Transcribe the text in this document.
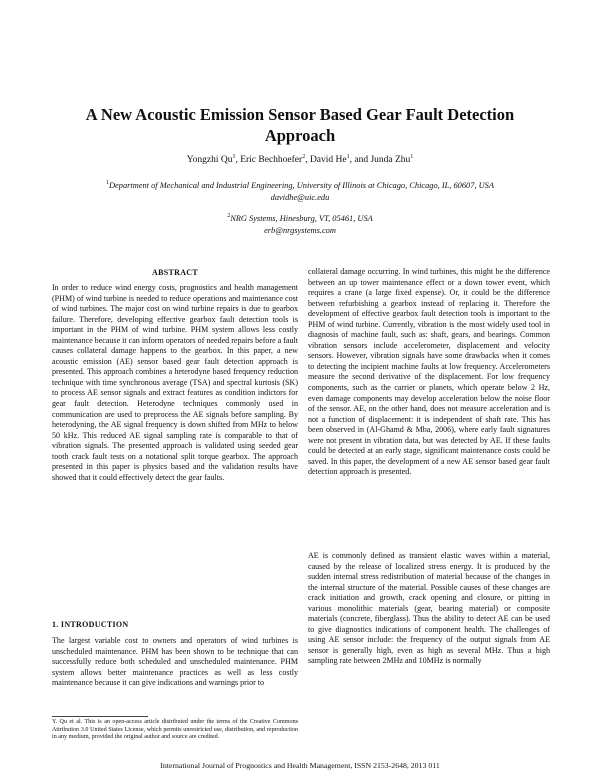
A New Acoustic Emission Sensor Based Gear Fault Detection
Approach
Yongzhi Qu$^1$, Eric Bechhoefer$^2$, David He$^1$, and Junda Zhu$^1$
$^1$Department of Mechanical and Industrial Engineering, University of Illinois at Chicago, Chicago, IL, 60607, USA
davidhe@uic.edu
$^2$NRG Systems, Hinesburg, VT, 05461, USA
erb@nrgsystems.com
ABSTRACT

In order to reduce wind energy costs, prognostics and health management (PHM) of wind turbine is needed to reduce operations and maintenance cost of wind turbines. The major cost on wind turbine repairs is due to gearbox failure. Therefore, developing effective gearbox fault detection tools is important in the PHM of wind turbine. PHM system allows less costly maintenance because it can inform operators of needed repairs before a fault causes collateral damage happens to the gearbox. In this paper, a new acoustic emission (AE) sensor based gear fault detection approach is presented. This approach combines a heterodyne based frequency reduction technique with time synchronous average (TSA) and spectral kurtosis (SK) to process AE sensor signals and extract features as condition indictors for gear fault detection. Heterodyne techniques commonly used in communication are used to preprocess the AE signals before sampling. By heterodyning, the AE signal frequency is down shifted from MHz to below 50 kHz. This reduced AE signal sampling rate is comparable to that of vibration signals. The presented approach is validated using seeded gear tooth crack fault tests on a notational split torque gearbox. The approach presented in this paper is physics based and the validation results have showed that it could effectively detect the gear faults.

1. INTRODUCTION

The largest variable cost to owners and operators of wind turbines is unscheduled maintenance. PHM has been shown to be technique that can successfully reduce both scheduled and unscheduled maintenance. PHM system allows better maintenance practices as well as less costly maintenance because it can give indications and warnings prior to

Y. Qu et al. This is an open-access article distributed under the terms of the Creative Commons Attribution 3.0 United States License, which permits unrestricted use, distribution, and reproduction in any medium, provided the original author and source are credited.

collateral damage occurring. In wind turbines, this might be the difference between an up tower maintenance effect or a down tower event, which requires a crane (a large fixed expense). Or, it could be the difference between refurbishing a gearbox instead of replacing it. Therefore the development of effective gearbox fault detection tools is important to the PHM of wind turbine. Currently, vibration is the most widely used tool in diagnosis of machine fault, such as: shaft, gears, and bearings. Common vibration sensors include accelerometer, displacement and velocity sensors. However, vibration signals have some drawbacks when it comes to detecting the incipient machine faults at low frequency. Accelerometers measure the second derivative of the displacement. For low frequency components, such as the carrier or planets, which operate below 2 Hz, even damage components may develop acceleration below the noise floor of the sensor. AE, on the other hand, does not measure acceleration and is not a function of displacement: it is independent of shaft rate. This has been observed in (Al-Ghamd & Mba, 2006), where early fault signatures were not present in vibration data, but was detected by AE. If these faults could be detected at an early stage, significant maintenance costs could be saved. In this paper, the development of a new AE sensor based gear fault detection approach is presented.

AE is commonly defined as transient elastic waves within a material, caused by the release of localized stress energy. It is produced by the sudden internal stress redistribution of material because of the changes in the internal structure of the material. Possible causes of these changes are crack initiation and growth, crack opening and closure, or pitting in various monolithic materials (gear, bearing material) or composite materials (concrete, fiberglass). Thus the ability to detect AE can be used to give diagnostics indications of component health. The challenges of using AE sensor include: the frequency of the output signals from AE sensor is generally high, even as high as several MHz. Thus a high sampling rate between 2MHz and 10MHz is normally

International Journal of Prognostics and Health Management, ISSN 2153-2648, 2013 011
